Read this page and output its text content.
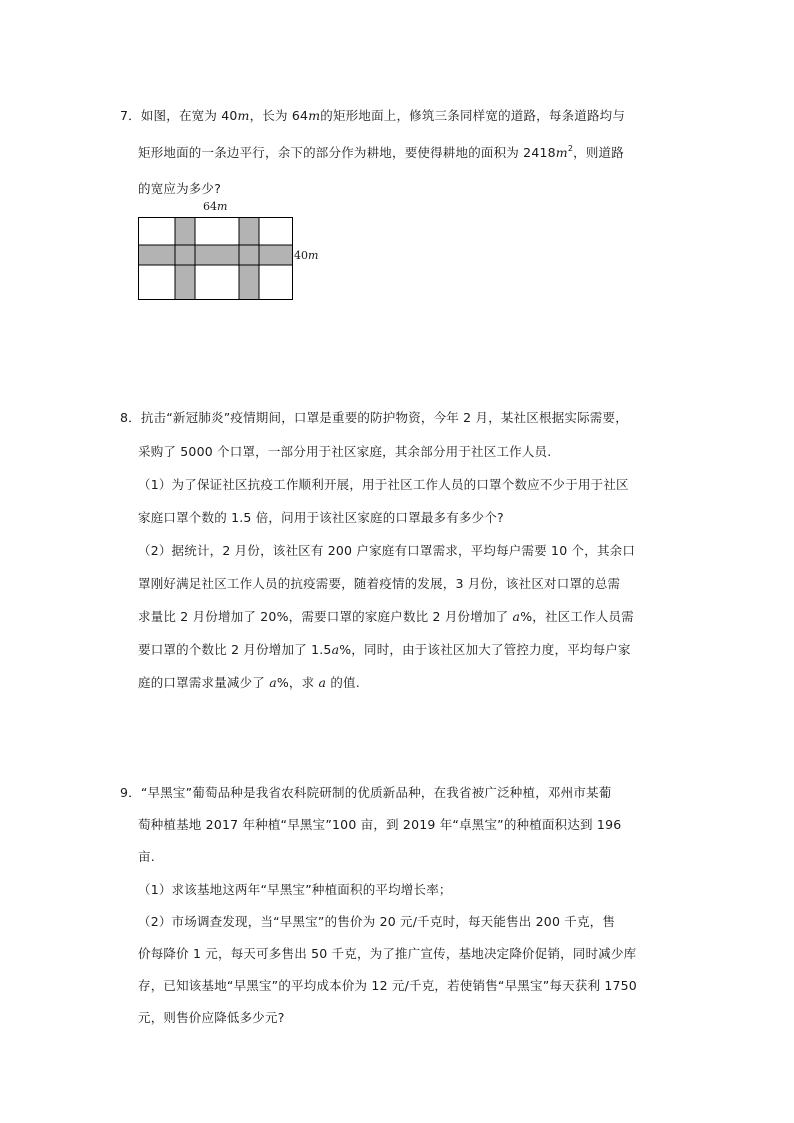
7．如图，在宽为 40m，长为 64m的矩形地面上，修筑三条同样宽的道路，每条道路均与
矩形地面的一条边平行，余下的部分作为耕地，要使得耕地的面积为 $2418m^2$，则道路
的宽应为多少?
64m
40m
8．抗击“新冠肺炎”疫情期间，口罩是重要的防护物资，今年 2 月，某社区根据实际需要，
采购了 5000 个口罩，一部分用于社区家庭，其余部分用于社区工作人员.
（1）为了保证社区抗疫工作顺利开展，用于社区工作人员的口罩个数应不少于用于社区
家庭口罩个数的 1.5 倍，问用于该社区家庭的口罩最多有多少个?
（2）据统计，2 月份，该社区有 200 户家庭有口罩需求，平均每户需要 10 个，其余口
罩刚好满足社区工作人员的抗疫需要，随着疫情的发展，3 月份，该社区对口罩的总需
求量比 2 月份增加了 20%，需要口罩的家庭户数比 2 月份增加了 a%，社区工作人员需
要口罩的个数比 2 月份增加了 1.5a%，同时，由于该社区加大了管控力度，平均每户家
庭的口罩需求量减少了 a%，求 a 的值.
9．“早黑宝”葡萄品种是我省农科院研制的优质新品种，在我省被广泛种植，邓州市某葡
萄种植基地 2017 年种植“早黑宝”100 亩，到 2019 年“卓黑宝”的种植面积达到 196
亩.
（1）求该基地这两年“早黑宝”种植面积的平均增长率；
（2）市场调查发现，当“早黑宝”的售价为 20 元/千克时，每天能售出 200 千克，售
价每降价 1 元，每天可多售出 50 千克，为了推广宣传，基地决定降价促销，同时减少库
存，已知该基地“早黑宝”的平均成本价为 12 元/千克，若使销售“早黑宝”每天获利 1750
元，则售价应降低多少元?
